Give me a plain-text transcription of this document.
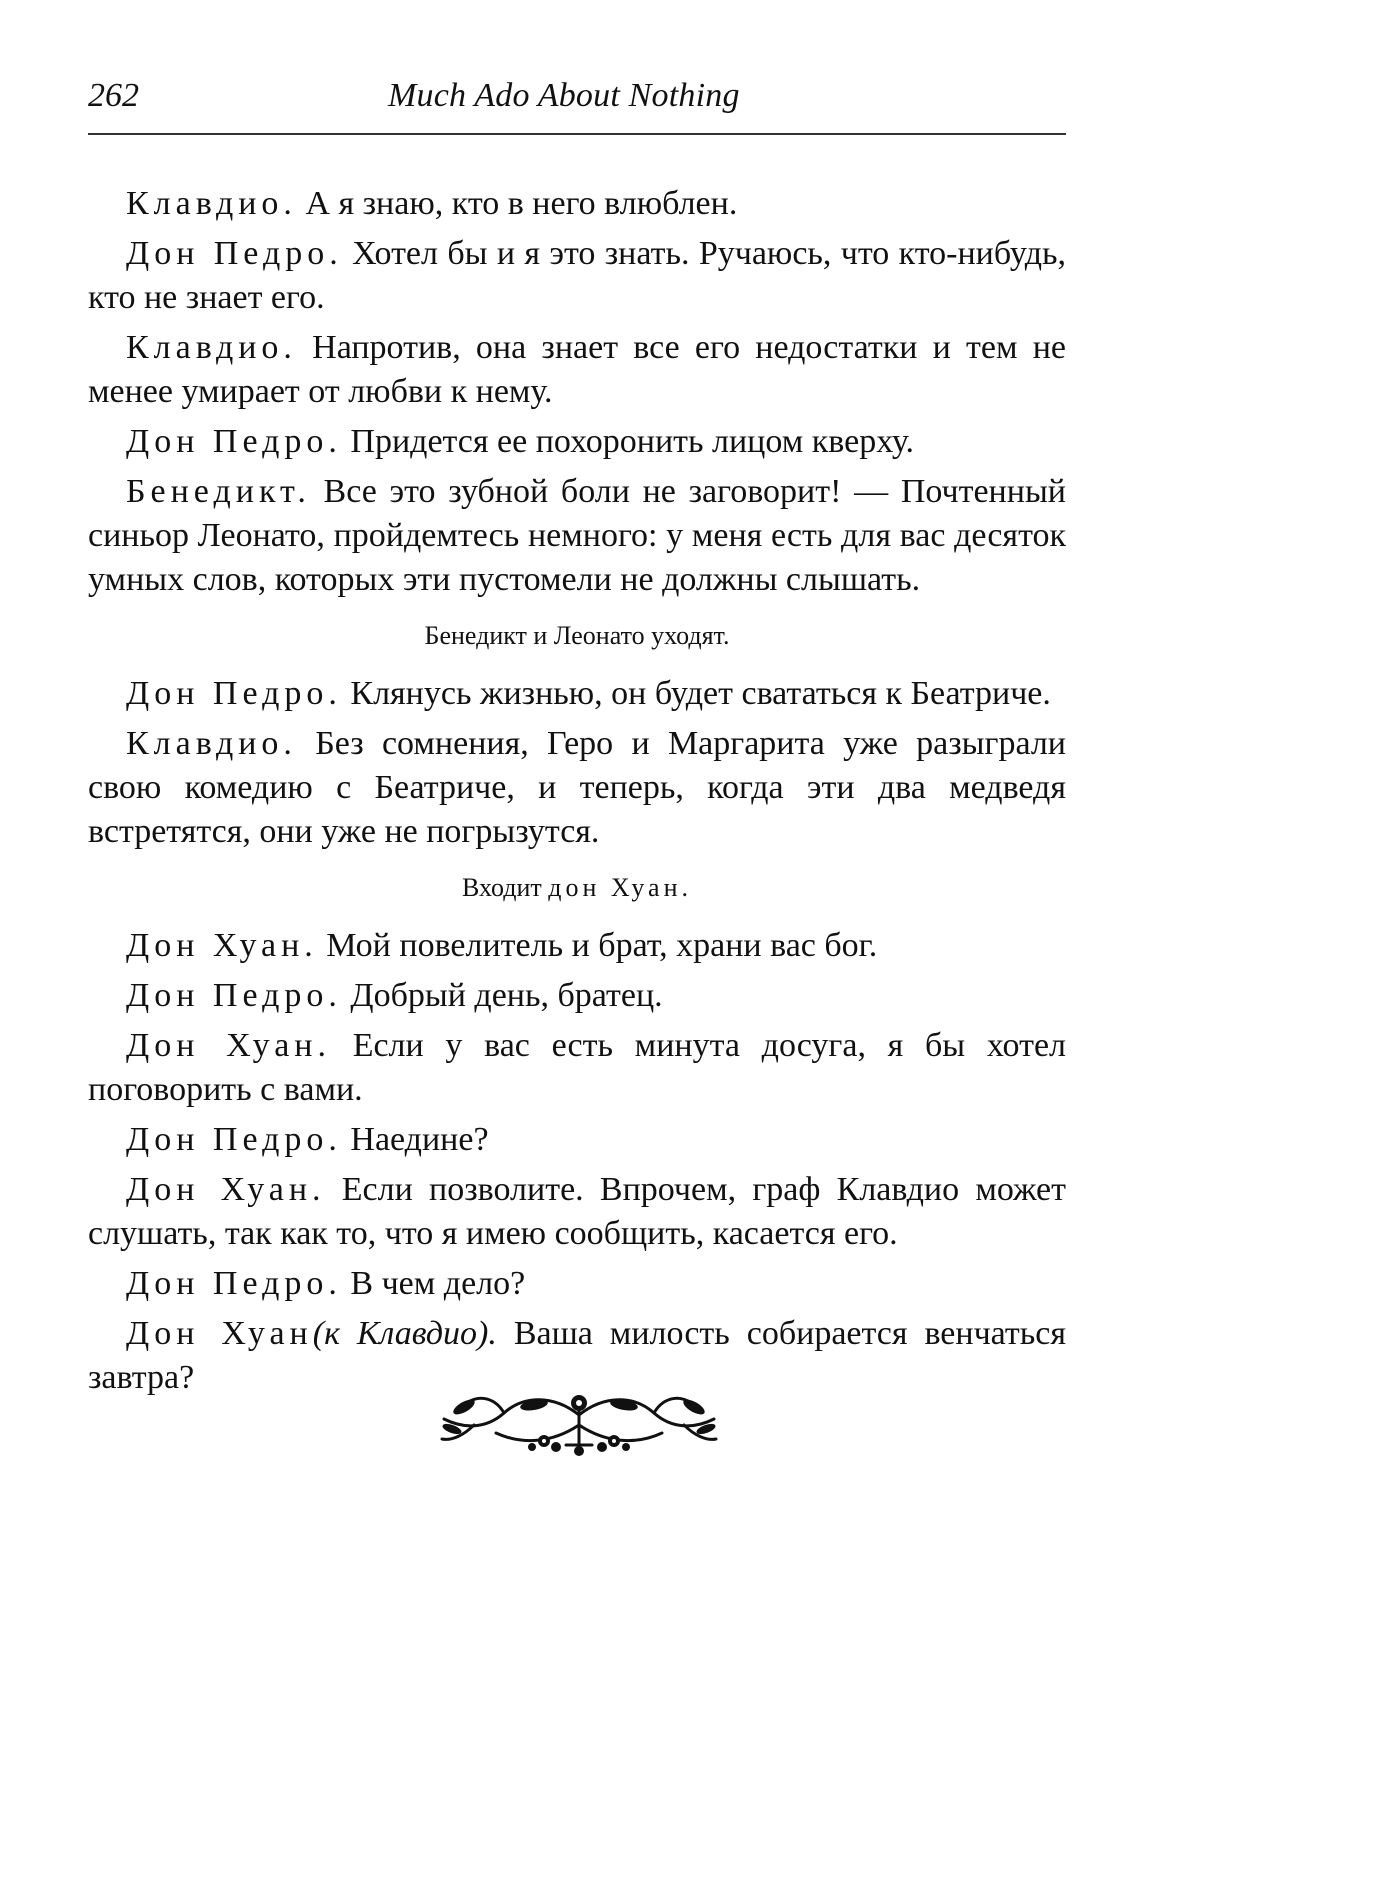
262	Much Ado About Nothing

Клавдио. А я знаю, кто в него влюблен.

Дон Педро. Хотел бы и я это знать. Ручаюсь, что кто-нибудь, кто не знает его.

Клавдио. Напротив, она знает все его недостатки и тем не менее умирает от любви к нему.

Дон Педро. Придется ее похоронить лицом кверху.

Бенедикт. Все это зубной боли не заговорит! — Почтенный синьор Леонато, пройдемтесь немного: у меня есть для вас десяток умных слов, которых эти пустомели не должны слышать.

Бенедикт и Леонато уходят.

Дон Педро. Клянусь жизнью, он будет свататься к Беатриче.

Клавдио. Без сомнения, Геро и Маргарита уже разыграли свою комедию с Беатриче, и теперь, когда эти два медведя встретятся, они уже не погрызутся.

Входит дон Хуан.

Дон Хуан. Мой повелитель и брат, храни вас бог.

Дон Педро. Добрый день, братец.

Дон Хуан. Если у вас есть минута досуга, я бы хотел поговорить с вами.

Дон Педро. Наедине?

Дон Хуан. Если позволите. Впрочем, граф Клавдио может слушать, так как то, что я имею сообщить, касается его.

Дон Педро. В чем дело?

Дон Хуан(к Клавдио). Ваша милость собирается венчаться завтра?
